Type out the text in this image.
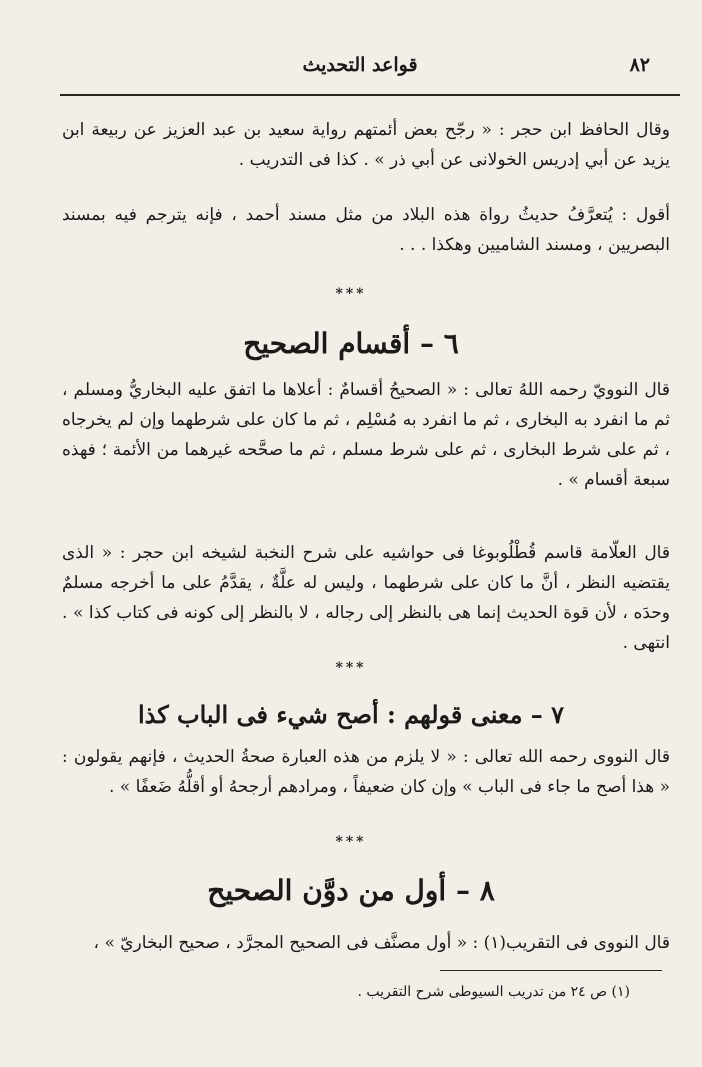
٨٢
قواعد التحديث

وقال الحافظ ابن حجر : « رجّح بعض أئمتهم رواية سعيد بن عبد العزيز عن ربيعة ابن يزيد عن أبي إدريس الخولانى عن أبي ذر » . كذا فى التدريب .

أقول : يُتعرَّفُ حديثُ رواة هذه البلاد من مثل مسند أحمد ، فإنه يترجم فيه بمسند البصريين ، ومسند الشاميين وهكذا . . .

***
٦ – أقسام الصحيح

قال النوويّ رحمه اللهُ تعالى : « الصحيحُ أقسامٌ : أعلاها ما اتفق عليه البخاريُّ ومسلم ، ثم ما انفرد به البخارى ، ثم ما انفرد به مُسْلِم ، ثم ما كان على شرطهما وإن لم يخرجاه ، ثم على شرط البخارى ، ثم على شرط مسلم ، ثم ما صحَّحه غيرهما من الأئمة ؛ فهذه سبعة أقسام » .

قال العلّامة قاسم قُطْلُوبوغا فى حواشيه على شرح النخبة لشيخه ابن حجر : « الذى يقتضيه النظر ، أنَّ ما كان على شرطهما ، وليس له علَّةٌ ، يقدَّمُ على ما أخرجه مسلمٌ وحدَه ، لأن قوة الحديث إنما هى بالنظر إلى رجاله ، لا بالنظر إلى كونه فى كتاب كذا » . انتهى .

***
٧ – معنى قولهم : أصح شيء فى الباب كذا

قال النووى رحمه الله تعالى : « لا يلزم من هذه العبارة صحةُ الحديث ، فإنهم يقولون : « هذا أصح ما جاء فى الباب » وإن كان ضعيفاً ، ومرادهم أرجحهُ أو أقلُّهُ ضَعفًا » .

***
٨ – أول من دوَّن الصحيح

قال النووى فى التقريب(١) : « أول مصنَّف فى الصحيح المجرَّد ، صحيح البخاريّ » ،

(١) ص ٢٤ من تدريب السيوطى شرح التقريب .
